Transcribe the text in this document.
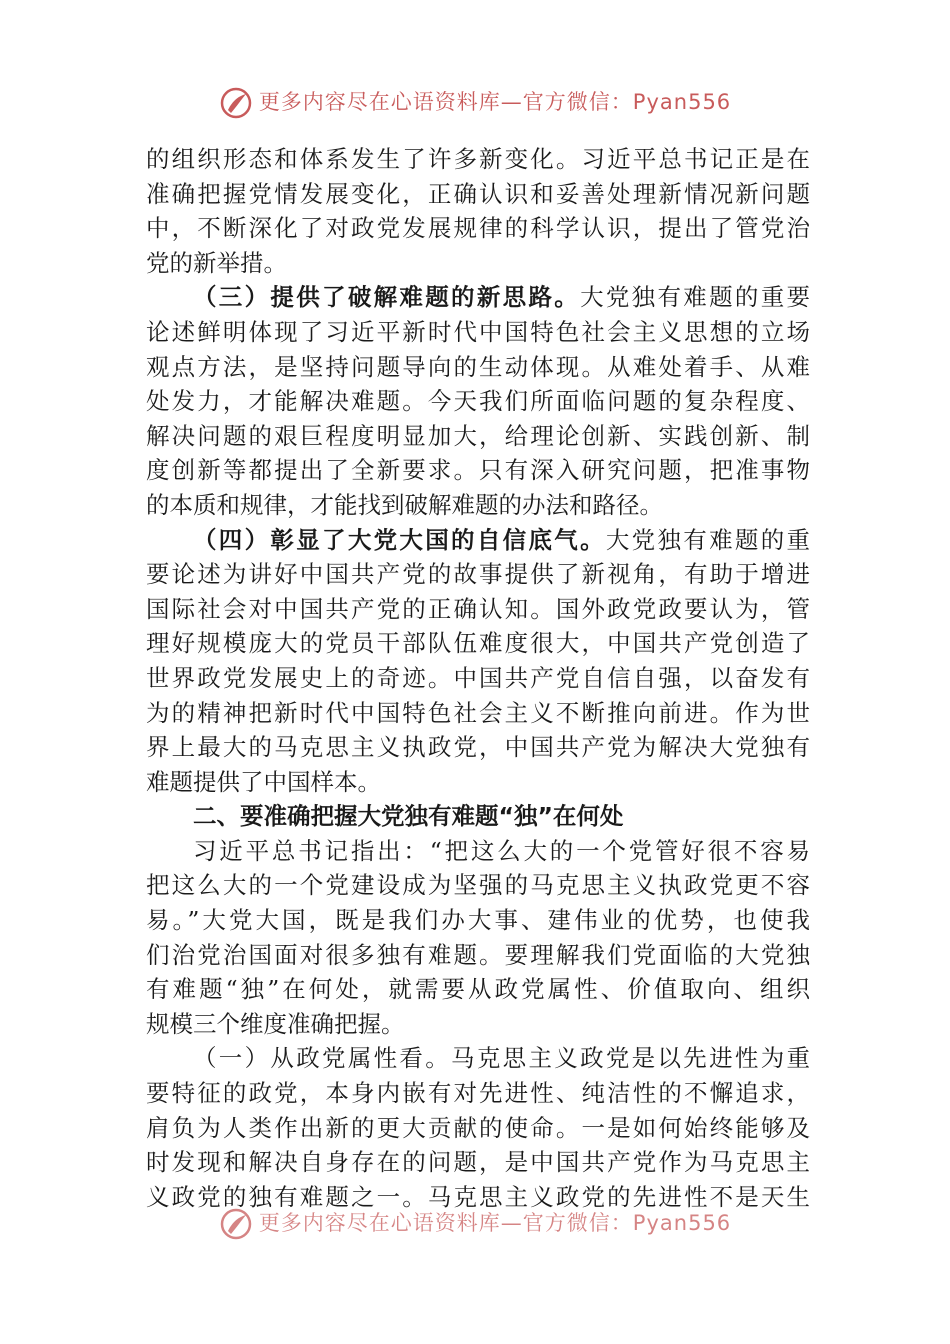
更多内容尽在心语资料库—官方微信：Pyan556
的组织形态和体系发生了许多新变化。习近平总书记正是在
准确把握党情发展变化，正确认识和妥善处理新情况新问题
中，不断深化了对政党发展规律的科学认识，提出了管党治
党的新举措。
（三）提供了破解难题的新思路。大党独有难题的重要
论述鲜明体现了习近平新时代中国特色社会主义思想的立场
观点方法，是坚持问题导向的生动体现。从难处着手、从难
处发力，才能解决难题。今天我们所面临问题的复杂程度、
解决问题的艰巨程度明显加大，给理论创新、实践创新、制
度创新等都提出了全新要求。只有深入研究问题，把准事物
的本质和规律，才能找到破解难题的办法和路径。
（四）彰显了大党大国的自信底气。大党独有难题的重
要论述为讲好中国共产党的故事提供了新视角，有助于增进
国际社会对中国共产党的正确认知。国外政党政要认为，管
理好规模庞大的党员干部队伍难度很大，中国共产党创造了
世界政党发展史上的奇迹。中国共产党自信自强，以奋发有
为的精神把新时代中国特色社会主义不断推向前进。作为世
界上最大的马克思主义执政党，中国共产党为解决大党独有
难题提供了中国样本。
二、要准确把握大党独有难题“独”在何处
习近平总书记指出：“把这么大的一个党管好很不容易
把这么大的一个党建设成为坚强的马克思主义执政党更不容
易。”大党大国，既是我们办大事、建伟业的优势，也使我
们治党治国面对很多独有难题。要理解我们党面临的大党独
有难题“独”在何处，就需要从政党属性、价值取向、组织
规模三个维度准确把握。
（一）从政党属性看。马克思主义政党是以先进性为重
要特征的政党，本身内嵌有对先进性、纯洁性的不懈追求，
肩负为人类作出新的更大贡献的使命。一是如何始终能够及
时发现和解决自身存在的问题，是中国共产党作为马克思主
义政党的独有难题之一。马克思主义政党的先进性不是天生
更多内容尽在心语资料库—官方微信：Pyan556
